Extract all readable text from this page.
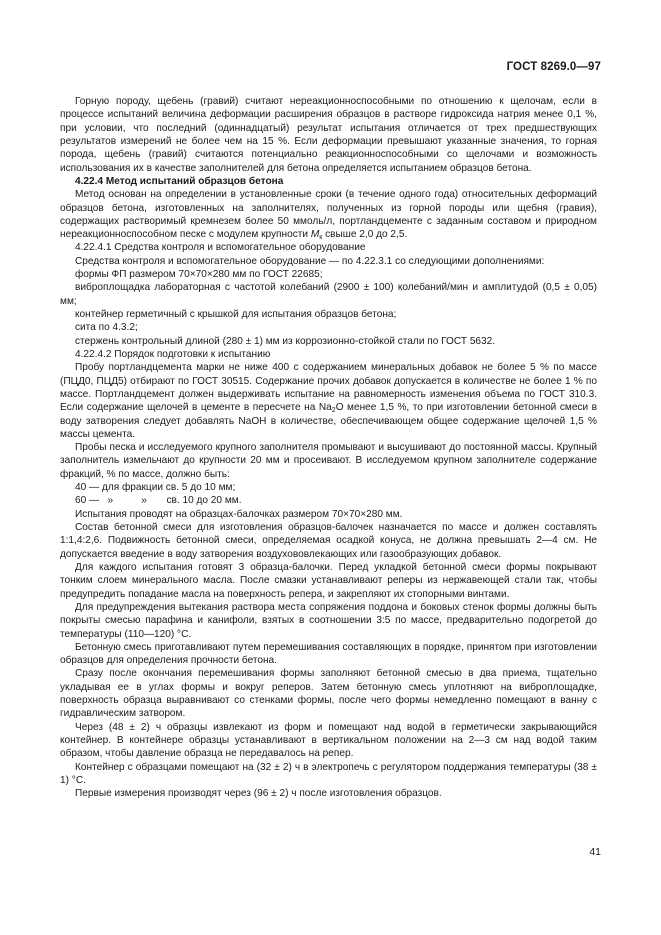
ГОСТ 8269.0—97

Горную породу, щебень (гравий) считают нереакционноспособными по отношению к щелочам, если в процессе испытаний величина деформации расширения образцов в растворе гидроксида натрия менее 0,1 %, при условии, что последний (одиннадцатый) результат испытания отличается от трех предшествующих результатов измерений не более чем на 15 %. Если деформации превышают указанные значения, то горная порода, щебень (гравий) считаются потенциально реакционноспособными со щелочами и возможность использования их в качестве заполнителей для бетона определяется испытанием образцов бетона.

4.22.4 Метод испытаний образцов бетона

Метод основан на определении в установленные сроки (в течение одного года) относительных деформаций образцов бетона, изготовленных на заполнителях, полученных из горной породы или щебня (гравия), содержащих растворимый кремнезем более 50 ммоль/л, портландцементе с заданным составом и природном нереакционноспособном песке с модулем крупности $M_к$ свыше 2,0 до 2,5.

4.22.4.1 Средства контроля и вспомогательное оборудование

Средства контроля и вспомогательное оборудование — по 4.22.3.1 со следующими дополнениями:

формы ФП размером 70×70×280 мм по ГОСТ 22685;

виброплощадка лабораторная с частотой колебаний (2900 ± 100) колебаний/мин и амплитудой (0,5 ± 0,05) мм;

контейнер герметичный с крышкой для испытания образцов бетона;

сита по 4.3.2;

стержень контрольный длиной (280 ± 1) мм из коррозионно-стойкой стали по ГОСТ 5632.

4.22.4.2 Порядок подготовки к испытанию

Пробу портландцемента марки не ниже 400 с содержанием минеральных добавок не более 5 % по массе (ПЦД0, ПЦД5) отбирают по ГОСТ 30515. Содержание прочих добавок допускается в количестве не более 1 % по массе. Портландцемент должен выдерживать испытание на равномерность изменения объема по ГОСТ 310.3. Если содержание щелочей в цементе в пересчете на $Na_2O$ менее 1,5 %, то при изготовлении бетонной смеси в воду затворения следует добавлять NaOH в количестве, обеспечивающем общее содержание щелочей 1,5 % массы цемента.

Пробы песка и исследуемого крупного заполнителя промывают и высушивают до постоянной массы. Крупный заполнитель измельчают до крупности 20 мм и просеивают. В исследуемом крупном заполнителе содержание фракций, % по массе, должно быть:

40 — для фракции св. 5 до 10 мм;

60 —   »          »       св. 10 до 20 мм.

Испытания проводят на образцах-балочках размером 70×70×280 мм.

Состав бетонной смеси для изготовления образцов-балочек назначается по массе и должен составлять 1:1,4:2,6. Подвижность бетонной смеси, определяемая осадкой конуса, не должна превышать 2—4 см. Не допускается введение в воду затворения воздухововлекающих или газообразующих добавок.

Для каждого испытания готовят 3 образца-балочки. Перед укладкой бетонной смеси формы покрывают тонким слоем минерального масла. После смазки устанавливают реперы из нержавеющей стали так, чтобы предупредить попадание масла на поверхность репера, и закрепляют их стопорными винтами.

Для предупреждения вытекания раствора места сопряжения поддона и боковых стенок формы должны быть покрыты смесью парафина и канифоли, взятых в соотношении 3:5 по массе, предварительно подогретой до температуры (110—120) °С.

Бетонную смесь приготавливают путем перемешивания составляющих в порядке, принятом при изготовлении образцов для определения прочности бетона.

Сразу после окончания перемешивания формы заполняют бетонной смесью в два приема, тщательно укладывая ее в углах формы и вокруг реперов. Затем бетонную смесь уплотняют на виброплощадке, поверхность образца выравнивают со стенками формы, после чего формы немедленно помещают в ванну с гидравлическим затвором.

Через (48 ± 2) ч образцы извлекают из форм и помещают над водой в герметически закрывающийся контейнер. В контейнере образцы устанавливают в вертикальном положении на 2—3 см над водой таким образом, чтобы давление образца не передавалось на репер.

Контейнер с образцами помещают на (32 ± 2) ч в электропечь с регулятором поддержания температуры (38 ± 1) °С.

Первые измерения производят через (96 ± 2) ч после изготовления образцов.

41
